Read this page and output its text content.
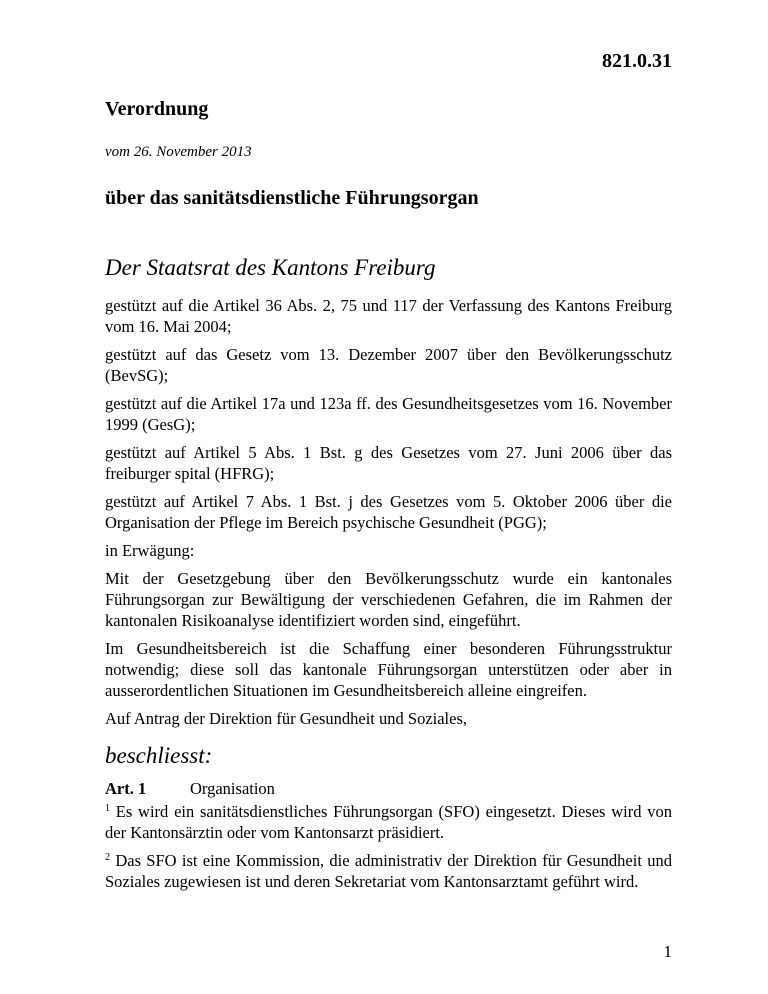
821.0.31
Verordnung

vom 26. November 2013

über das sanitätsdienstliche Führungsorgan
Der Staatsrat des Kantons Freiburg

gestützt auf die Artikel 36 Abs. 2, 75 und 117 der Verfassung des Kantons Freiburg vom 16. Mai 2004;

gestützt auf das Gesetz vom 13. Dezember 2007 über den Bevölkerungsschutz (BevSG);

gestützt auf die Artikel 17a und 123a ff. des Gesundheitsgesetzes vom 16. November 1999 (GesG);

gestützt auf Artikel 5 Abs. 1 Bst. g des Gesetzes vom 27. Juni 2006 über das freiburger spital (HFRG);

gestützt auf Artikel 7 Abs. 1 Bst. j des Gesetzes vom 5. Oktober 2006 über die Organisation der Pflege im Bereich psychische Gesundheit (PGG);

in Erwägung:

Mit der Gesetzgebung über den Bevölkerungsschutz wurde ein kantonales Führungsorgan zur Bewältigung der verschiedenen Gefahren, die im Rahmen der kantonalen Risikoanalyse identifiziert worden sind, eingeführt.

Im Gesundheitsbereich ist die Schaffung einer besonderen Führungsstruktur notwendig; diese soll das kantonale Führungsorgan unterstützen oder aber in ausserordentlichen Situationen im Gesundheitsbereich alleine eingreifen.

Auf Antrag der Direktion für Gesundheit und Soziales,

beschliesst:

Art. 1	Organisation

$^1$ Es wird ein sanitätsdienstliches Führungsorgan (SFO) eingesetzt. Dieses wird von der Kantonsärztin oder vom Kantonsarzt präsidiert.

$^2$ Das SFO ist eine Kommission, die administrativ der Direktion für Gesundheit und Soziales zugewiesen ist und deren Sekretariat vom Kantonsarztamt geführt wird.

1
